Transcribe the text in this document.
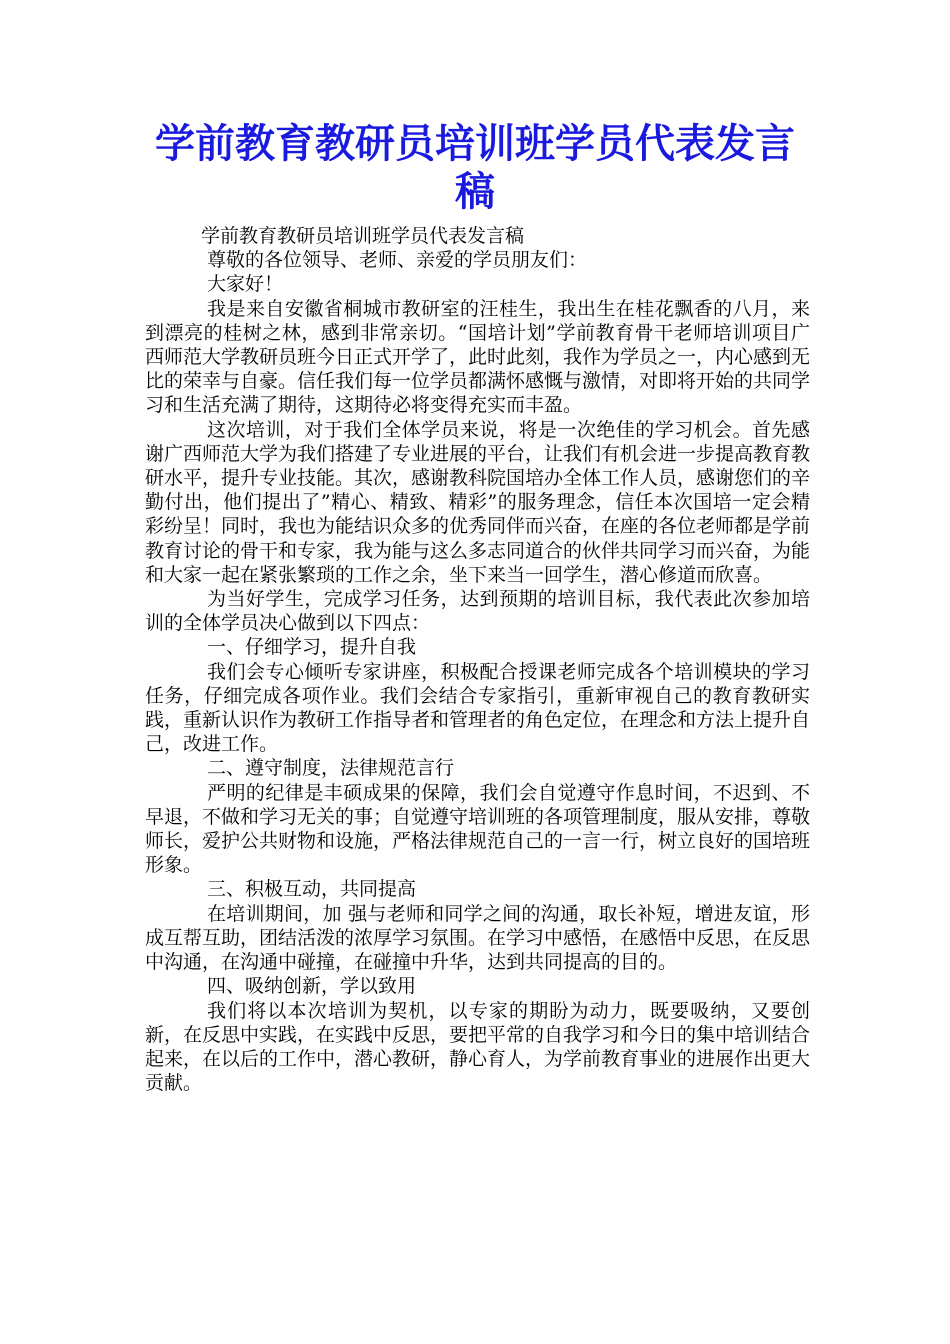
学前教育教研员培训班学员代表发言稿

学前教育教研员培训班学员代表发言稿

尊敬的各位领导、老师、亲爱的学员朋友们：

大家好！

我是来自安徽省桐城市教研室的汪桂生，我出生在桂花飘香的八月，来到漂亮的桂树之林，感到非常亲切。“国培计划”学前教育骨干老师培训项目广西师范大学教研员班今日正式开学了，此时此刻，我作为学员之一，内心感到无比的荣幸与自豪。信任我们每一位学员都满怀感慨与激情，对即将开始的共同学习和生活充满了期待，这期待必将变得充实而丰盈。

这次培训，对于我们全体学员来说，将是一次绝佳的学习机会。首先感谢广西师范大学为我们搭建了专业进展的平台，让我们有机会进一步提高教育教研水平，提升专业技能。其次，感谢教科院国培办全体工作人员，感谢您们的辛勤付出，他们提出了”精心、精致、精彩”的服务理念，信任本次国培一定会精彩纷呈！同时，我也为能结识众多的优秀同伴而兴奋，在座的各位老师都是学前教育讨论的骨干和专家，我为能与这么多志同道合的伙伴共同学习而兴奋，为能和大家一起在紧张繁琐的工作之余，坐下来当一回学生，潜心修道而欣喜。

为当好学生，完成学习任务，达到预期的培训目标，我代表此次参加培训的全体学员决心做到以下四点：

一、仔细学习，提升自我

我们会专心倾听专家讲座，积极配合授课老师完成各个培训模块的学习任务，仔细完成各项作业。我们会结合专家指引，重新审视自己的教育教研实践，重新认识作为教研工作指导者和管理者的角色定位，在理念和方法上提升自己，改进工作。

二、遵守制度，法律规范言行

严明的纪律是丰硕成果的保障，我们会自觉遵守作息时间，不迟到、不早退，不做和学习无关的事；自觉遵守培训班的各项管理制度，服从安排，尊敬师长，爱护公共财物和设施，严格法律规范自己的一言一行，树立良好的国培班形象。

三、积极互动，共同提高

在培训期间，加 强与老师和同学之间的沟通，取长补短，增进友谊，形成互帮互助，团结活泼的浓厚学习氛围。在学习中感悟，在感悟中反思，在反思中沟通，在沟通中碰撞，在碰撞中升华，达到共同提高的目的。

四、吸纳创新，学以致用

我们将以本次培训为契机，以专家的期盼为动力，既要吸纳，又要创新，在反思中实践，在实践中反思，要把平常的自我学习和今日的集中培训结合起来，在以后的工作中，潜心教研，静心育人，为学前教育事业的进展作出更大贡献。
